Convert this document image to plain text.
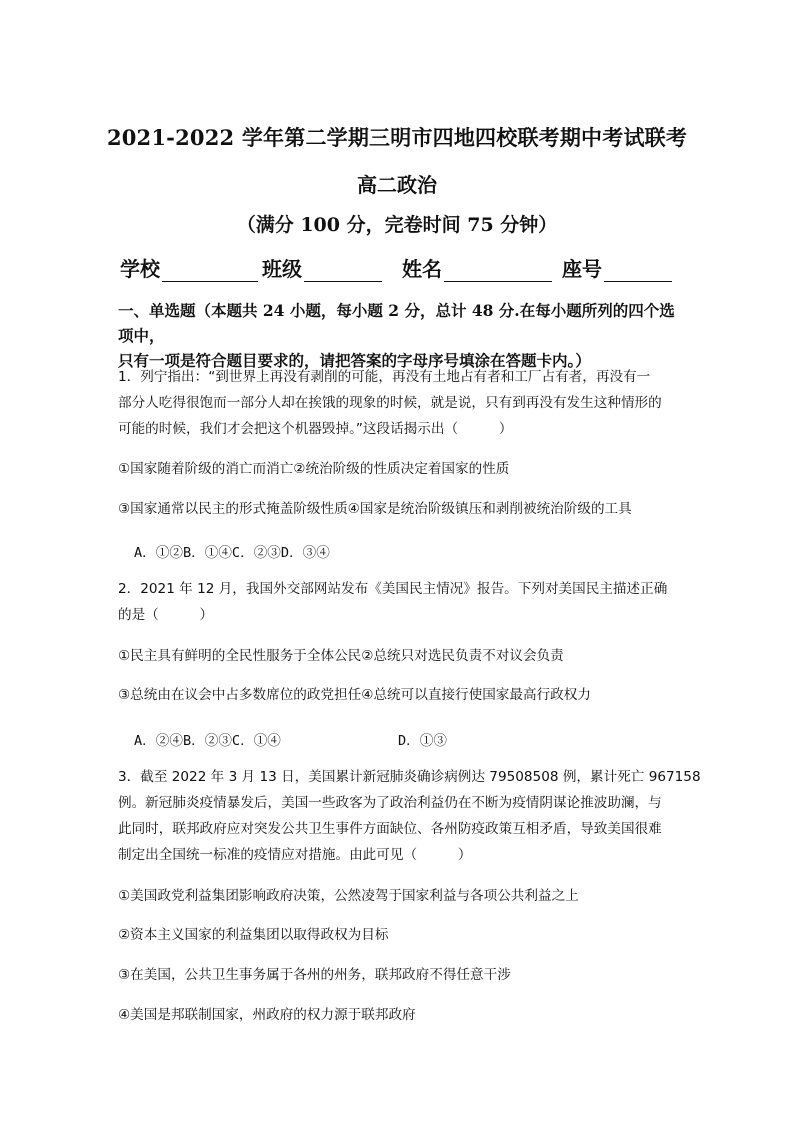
2021-2022 学年第二学期三明市四地四校联考期中考试联考
高二政治
（满分 100 分，完卷时间 75 分钟）
学校	班级	姓名	座号
一、单选题（本题共 24 小题，每小题 2 分，总计 48 分.在每小题所列的四个选项中，
只有一项是符合题目要求的，请把答案的字母序号填涂在答题卡内。）
1．列宁指出：“到世界上再没有剥削的可能，再没有土地占有者和工厂占有者，再没有一
部分人吃得很饱而一部分人却在挨饿的现象的时候，就是说，只有到再没有发生这种情形的
可能的时候，我们才会把这个机器毁掉。”这段话揭示出（　　　）
①国家随着阶级的消亡而消亡②统治阶级的性质决定着国家的性质
③国家通常以民主的形式掩盖阶级性质④国家是统治阶级镇压和剥削被统治阶级的工具
A．①②B．①④C．②③D．③④
2．2021 年 12 月，我国外交部网站发布《美国民主情况》报告。下列对美国民主描述正确
的是（　　　）
①民主具有鲜明的全民性服务于全体公民②总统只对选民负责不对议会负责
③总统由在议会中占多数席位的政党担任④总统可以直接行使国家最高行政权力
A．②④B．②③C．①④	D．①③
3．截至 2022 年 3 月 13 日，美国累计新冠肺炎确诊病例达 79508508 例，累计死亡 967158
例。新冠肺炎疫情暴发后，美国一些政客为了政治利益仍在不断为疫情阴谋论推波助澜，与
此同时，联邦政府应对突发公共卫生事件方面缺位、各州防疫政策互相矛盾，导致美国很难
制定出全国统一标准的疫情应对措施。由此可见（　　　）
①美国政党利益集团影响政府决策，公然凌驾于国家利益与各项公共利益之上
②资本主义国家的利益集团以取得政权为目标
③在美国，公共卫生事务属于各州的州务，联邦政府不得任意干涉
④美国是邦联制国家，州政府的权力源于联邦政府
